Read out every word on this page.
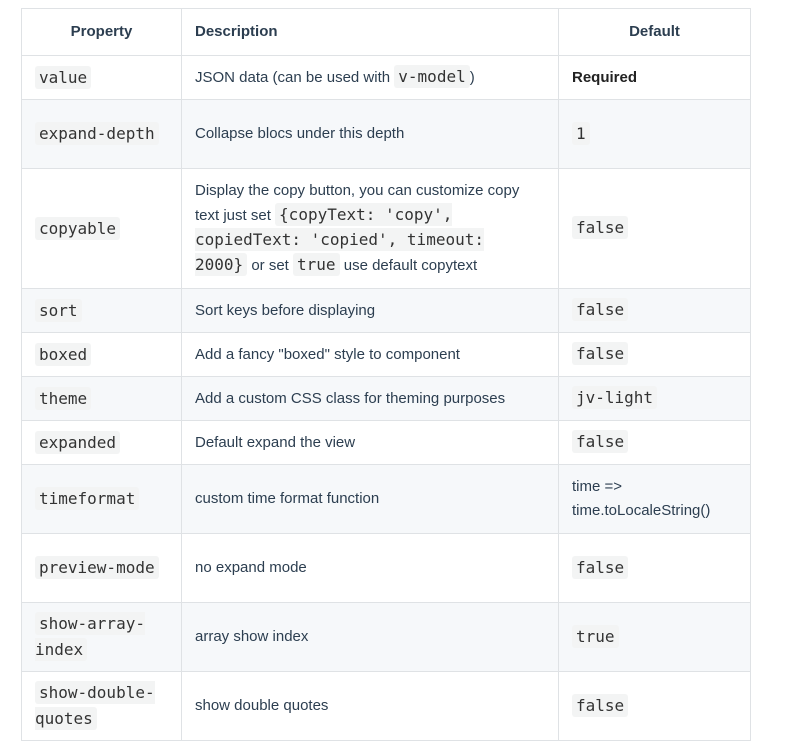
Property	Description	Default
value	JSON data (can be used with v-model )	Required
expand-depth	Collapse blocs under this depth	1
copyable	Display the copy button, you can customize copy text just set {copyText: 'copy', copiedText: 'copied', timeout: 2000} or set true use default copytext	false
sort	Sort keys before displaying	false
boxed	Add a fancy "boxed" style to component	false
theme	Add a custom CSS class for theming purposes	jv-light
expanded	Default expand the view	false
timeformat	custom time format function	time => time.toLocaleString()
preview-mode	no expand mode	false
show-array-index	array show index	true
show-double-quotes	show double quotes	false
